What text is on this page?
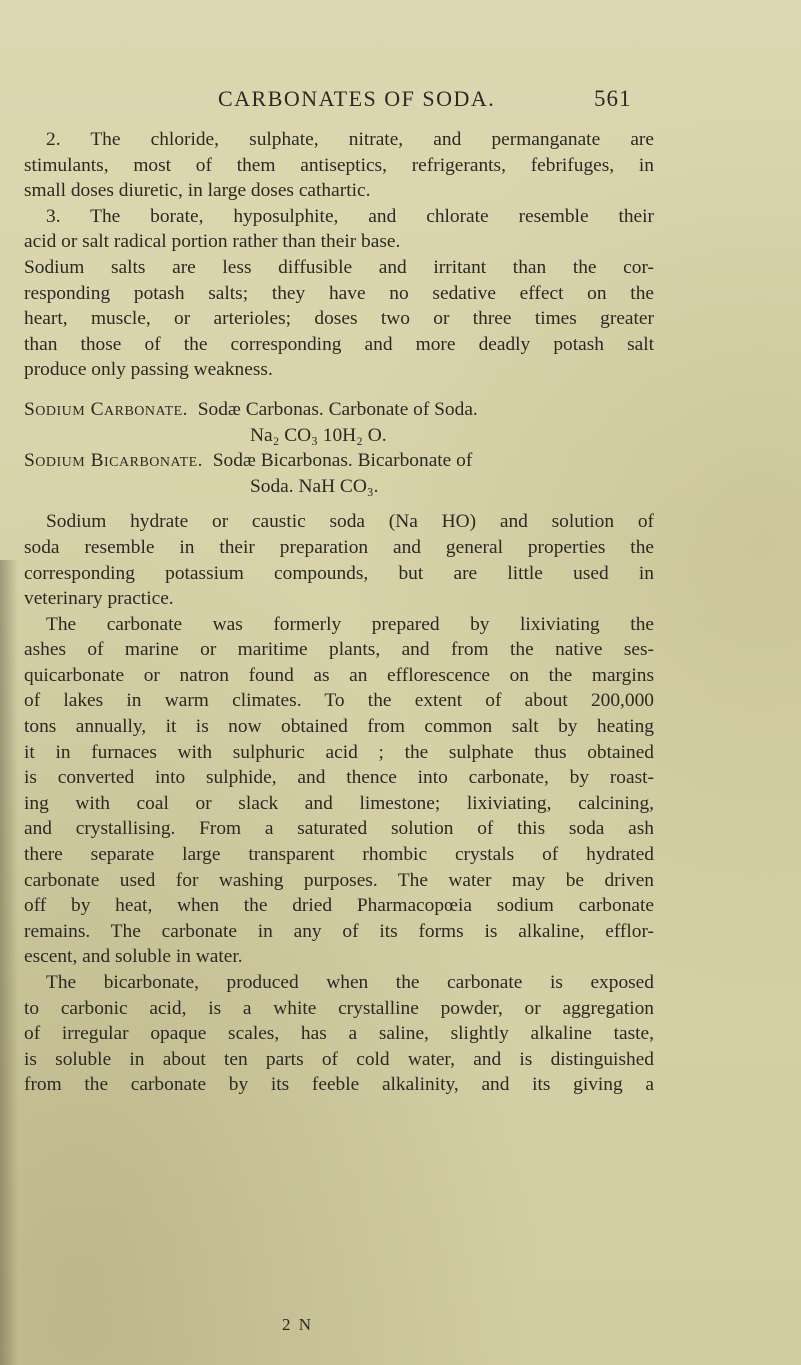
CARBONATES OF SODA.	561
2. The chloride, sulphate, nitrate, and permanganate are
stimulants, most of them antiseptics, refrigerants, febrifuges, in
small doses diuretic, in large doses cathartic.
3. The borate, hyposulphite, and chlorate resemble their
acid or salt radical portion rather than their base.
Sodium salts are less diffusible and irritant than the cor-
responding potash salts; they have no sedative effect on the
heart, muscle, or arterioles; doses two or three times greater
than those of the corresponding and more deadly potash salt
produce only passing weakness.
Sodium Carbonate. Sodæ Carbonas. Carbonate of Soda.
Na₂ CO₃ 10H₂ O.
Sodium Bicarbonate. Sodæ Bicarbonas. Bicarbonate of
Soda. NaH CO₃.
Sodium hydrate or caustic soda (Na HO) and solution of
soda resemble in their preparation and general properties the
corresponding potassium compounds, but are little used in
veterinary practice.
The carbonate was formerly prepared by lixiviating the
ashes of marine or maritime plants, and from the native ses-
quicarbonate or natron found as an efflorescence on the margins
of lakes in warm climates. To the extent of about 200,000
tons annually, it is now obtained from common salt by heating
it in furnaces with sulphuric acid ; the sulphate thus obtained
is converted into sulphide, and thence into carbonate, by roast-
ing with coal or slack and limestone; lixiviating, calcining,
and crystallising. From a saturated solution of this soda ash
there separate large transparent rhombic crystals of hydrated
carbonate used for washing purposes. The water may be driven
off by heat, when the dried Pharmacopœia sodium carbonate
remains. The carbonate in any of its forms is alkaline, efflor-
escent, and soluble in water.
The bicarbonate, produced when the carbonate is exposed
to carbonic acid, is a white crystalline powder, or aggregation
of irregular opaque scales, has a saline, slightly alkaline taste,
is soluble in about ten parts of cold water, and is distinguished
from the carbonate by its feeble alkalinity, and its giving a
2 N
